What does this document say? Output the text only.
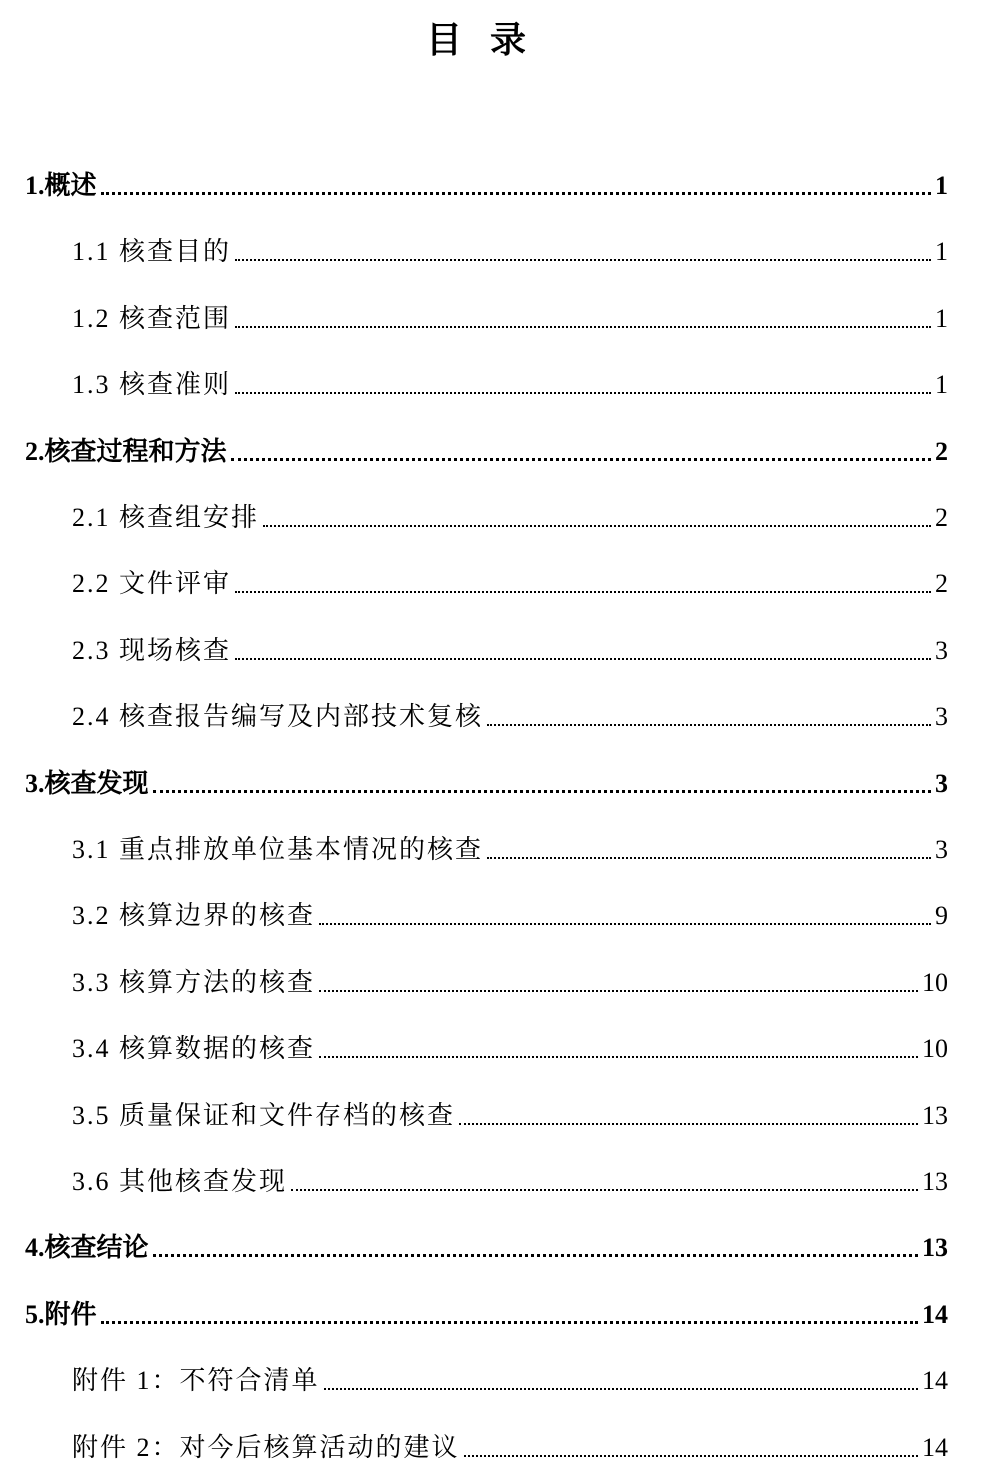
目录
1.概述	1
1.1 核查目的	1
1.2 核查范围	1
1.3 核查准则	1
2.核查过程和方法	2
2.1 核查组安排	2
2.2 文件评审	2
2.3 现场核查	3
2.4 核查报告编写及内部技术复核	3
3.核查发现	3
3.1 重点排放单位基本情况的核查	3
3.2 核算边界的核查	9
3.3 核算方法的核查	10
3.4 核算数据的核查	10
3.5 质量保证和文件存档的核查	13
3.6 其他核查发现	13
4.核查结论	13
5.附件	14
附件 1：不符合清单	14
附件 2：对今后核算活动的建议	14
